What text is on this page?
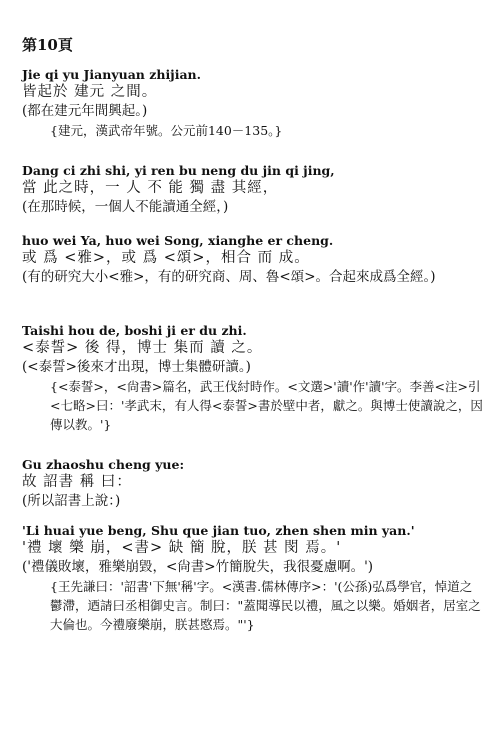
第10頁
Jie qi yu Jianyuan zhijian.
皆起於 建元 之間。
(都在建元年間興起。)
{建元，漢武帝年號。公元前140－135。}
Dang ci zhi shi, yi ren bu neng du jin qi jing,
當 此之時，一 人 不 能 獨 盡 其經，
(在那時候，一個人不能讀通全經，)
huo wei Ya, huo wei Song, xianghe er cheng.
或 爲 <雅>，或 爲 <頌>，相合 而 成。
(有的研究大小<雅>，有的研究商、周、魯<頌>。合起來成爲全經。)
Taishi hou de, boshi ji er du zhi.
<泰誓> 後 得，博士 集而 讀 之。
(<泰誓>後來才出現，博士集體研讀。)
{<泰誓>，<尙書>篇名，武王伐紂時作。<文選>'讀'作'讀'字。李善<注>引<七略>曰：'孝武末，有人得<泰誓>書於壁中者，獻之。與博士使讀說之，因傳以教。'}
Gu zhaoshu cheng yue:
故 詔書 稱 曰：
(所以詔書上說：)
'Li huai yue beng, Shu que jian tuo, zhen shen min yan.'
'禮 壞 樂 崩，<書> 缺 簡 脫，朕 甚 閔 焉。'
('禮儀敗壞，雅樂崩毀，<尙書>竹簡脫失，我很憂慮啊。')
{王先謙曰：'詔書'下無'稱'字。<漢書.儒林傳序>：'(公孫)弘爲學官，悼道之鬱滯，迺請曰丞相御史言。制曰："蓋聞導民以禮，風之以樂。婚姻者，居室之大倫也。今禮廢樂崩，朕甚愍焉。"'}
